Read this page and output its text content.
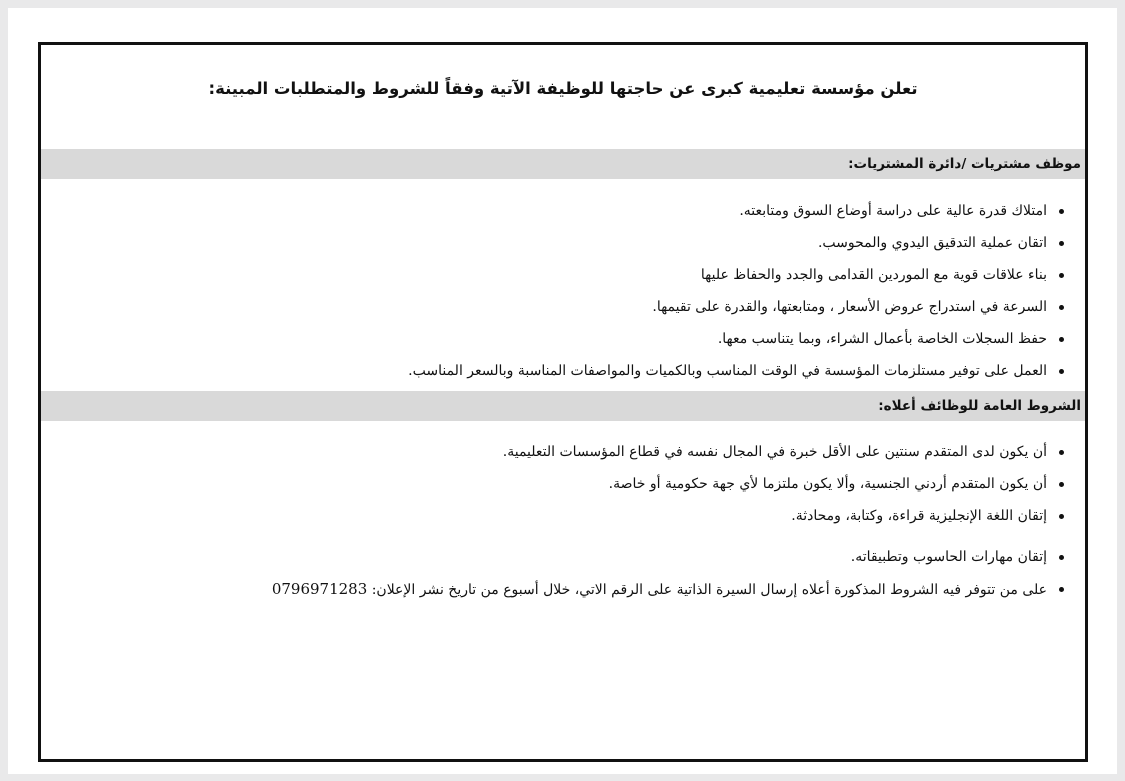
تعلن مؤسسة تعليمية كبرى عن حاجتها للوظيفة الآتية وفقاً للشروط والمتطلبات المبينة:
موظف مشتريات /دائرة المشتريات:
امتلاك قدرة عالية على دراسة أوضاع السوق ومتابعته.
اتقان عملية التدقيق اليدوي والمحوسب.
بناء علاقات قوية مع الموردين القدامى والجدد والحفاظ عليها
السرعة في استدراج عروض الأسعار ، ومتابعتها، والقدرة على تقيمها.
حفظ السجلات الخاصة بأعمال الشراء، وبما يتناسب معها.
العمل على توفير مستلزمات المؤسسة في الوقت المناسب وبالكميات والمواصفات المناسبة وبالسعر المناسب.
الشروط العامة للوظائف أعلاه:
أن يكون لدى المتقدم سنتين على الأقل خبرة في المجال نفسه في قطاع المؤسسات التعليمية.
أن يكون المتقدم أردني الجنسية، وألا يكون ملتزما لأي جهة حكومية أو خاصة.
إتقان اللغة الإنجليزية قراءة، وكتابة، ومحادثة.
إتقان مهارات الحاسوب وتطبيقاته.
على من تتوفر فيه الشروط المذكورة أعلاه إرسال السيرة الذاتية على الرقم الاتي، خلال أسبوع من تاريخ نشر الإعلان: 0796971283
